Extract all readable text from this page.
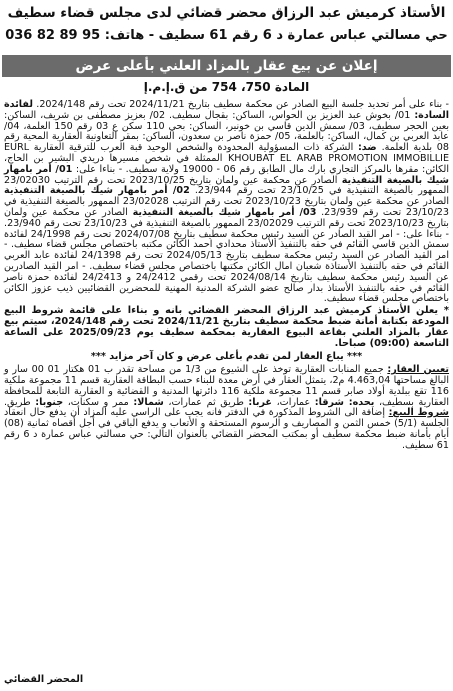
الأستاذ كرميش عبد الرزاق محضر قضائي لدى مجلس قضاء سطيف
حي مسالتي عباس عمارة د 6 رقم 61 سطيف - هاتف: 95 89 82 036
إعلان عن بيع عقار بالمزاد العلني بأعلى عرض
المادة 750، 754 من ق.إ.م.إ

- بناء على أمر تحديد جلسة البيع الصادر عن محكمة سطيف بتاريخ 2024/11/21 تحت رقم 2024/148. لفائدة السادة: 01/ بخوش عبد العزيز بن الحواس، الساكن: بقجال سطيف. 02/ بعزيز مصطفى بن شريف، الساكن: بعين الحجر سطيف، 03/ سمش الدين قاسي بن خونير، الساكن: بحي 110 سكن ع 03 رقم 150 العلمة، 04/ عابد العربي بن كمال، الساكن: بالعلمة، 05/ حمزة ناصر بن سعدون، الساكن: بمقر التعاونية العقارية المحية رقم 08 بلدية العلمة. ضد: الشركة ذات المسؤولية المحدودة والشخص الوحيد قبة العرب للترقية العقارية EURL KHOUBAT EL ARAB PROMOTION IMMOBILLIE الممثلة في شخص مسيرها دريدي البشير بن الحاج، الكائن: مقرها بالمركز التجاري بارك مال الطابق رقم 06 - 19000 ولاية سطيف. - بناءا على: 01/ أمر بامهار شيك بالصيغة التنفيذية الصادر عن محكمة عين ولمان بتاريخ 2023/10/25 تحت رقم الترتيب 23/02030 الممهور بالصيغة التنفيذية في 23/10/25 تحت رقم 23/944. 02/ أمر بامهار شيك بالصيغة التنفيذية الصادر عن محكمة عين ولمان بتاريخ 2023/10/23 تحت رقم الترتيب 23/02028 الممهور بالصيغة التنفيذية في 23/10/23 تحت رقم 23/939. 03/ أمر بامهار شيك بالصيغة التنفيذية الصادر عن محكمة عين ولمان بتاريخ 2023/10/23 تحت رقم الترتيب 23/02029 الممهور بالصيغة التنفيذية في 23/10/23 تحت رقم 23/940. - بناءا على: - امر القيد الصادر عن السيد رئيس محكمة سطيف بتاريخ 2024/07/08 تحت رقم 24/1998 لفائدة سمش الدين قاسي القائم في حقه بالتنفيذ الأستاذ محدادي احمد الكائن مكتبه باختصاص مجلس قضاء سطيف. - امر القيد الصادر عن السيد رئيس محكمة سطيف بتاريخ 2024/05/13 تحت رقم 24/1398 لفائدة عابد العربي القائم في حقه بالتنفيذ الأستاذة شعبان امال الكائن مكتبها باختصاص مجلس قضاء سطيف. - امر القيد الصادرين عن السيد رئيس محكمة سطيف بتاريخ 2024/08/14 تحت رقمي 24/2412 و 24/2413 لفائدة حمزة ناصر القائم في حقه بالتنفيذ الأستاذ بدار صالح عضو الشركة المدنية المهنية للمحضرين القضائيين ذيب عزوز الكائن باختصاص مجلس قضاء سطيف.

* يعلن الأستاذ كرميش عبد الرزاق المحضر القضائي بانه و بناءا على قائمة شروط البيع المودعة بكتابة أمانة ضبط محكمة سطيف بتاريخ 2024/11/21 تحت رقم 2024/148، سيتم بيع عقار بالمزاد العلني بقاعة البيوع العقارية بمحكمة سطيف يوم 2025/09/23 على الساعة التاسعة (09:00) صباحا.

*** يباع العقار لمن تقدم بأعلى عرض و كان آخر مزايد ***

تعيين العقار: جميع المنابات العقارية توخذ على الشيوع من 1/3 من مساحة تقدر ب 01 هكتار 01 00 سار و البالغ مساحتها 4.463,04 م2، يتمثل العقار في أرض معدة للبناء حسب البطاقة العقارية قسم 11 مجموعة ملكية 116 تقع ببلدية أولاد صابر قسم 11 مجموعة ملكية 116 دائرتها المدنية و القضائية و العقارية التابعة للمحافظة العقارية بسطيف، يحده: شرقا: عمارات، غربا: طريق ثم عمارات، شمالا: ممر و سكنات، جنوبا: طريق. شروط البيع: إضافة الى الشروط المذكورة في الدفتر فانه يجب على الراسي عليه المزاد أن يدفع حال انعقاد الجلسة (5/1) خمس الثمن و المصاريف و الرسوم المستحقة و الأتعاب و يدفع الباقي في أجل أقصاه ثمانية (08) أيام بأمانة ضبط محكمة سطيف أو بمكتب المحضر القضائي بالعنوان التالي: حي مسالتي عباس عمارة د 6 رقم 61 سطيف.

المحضر القضائي
